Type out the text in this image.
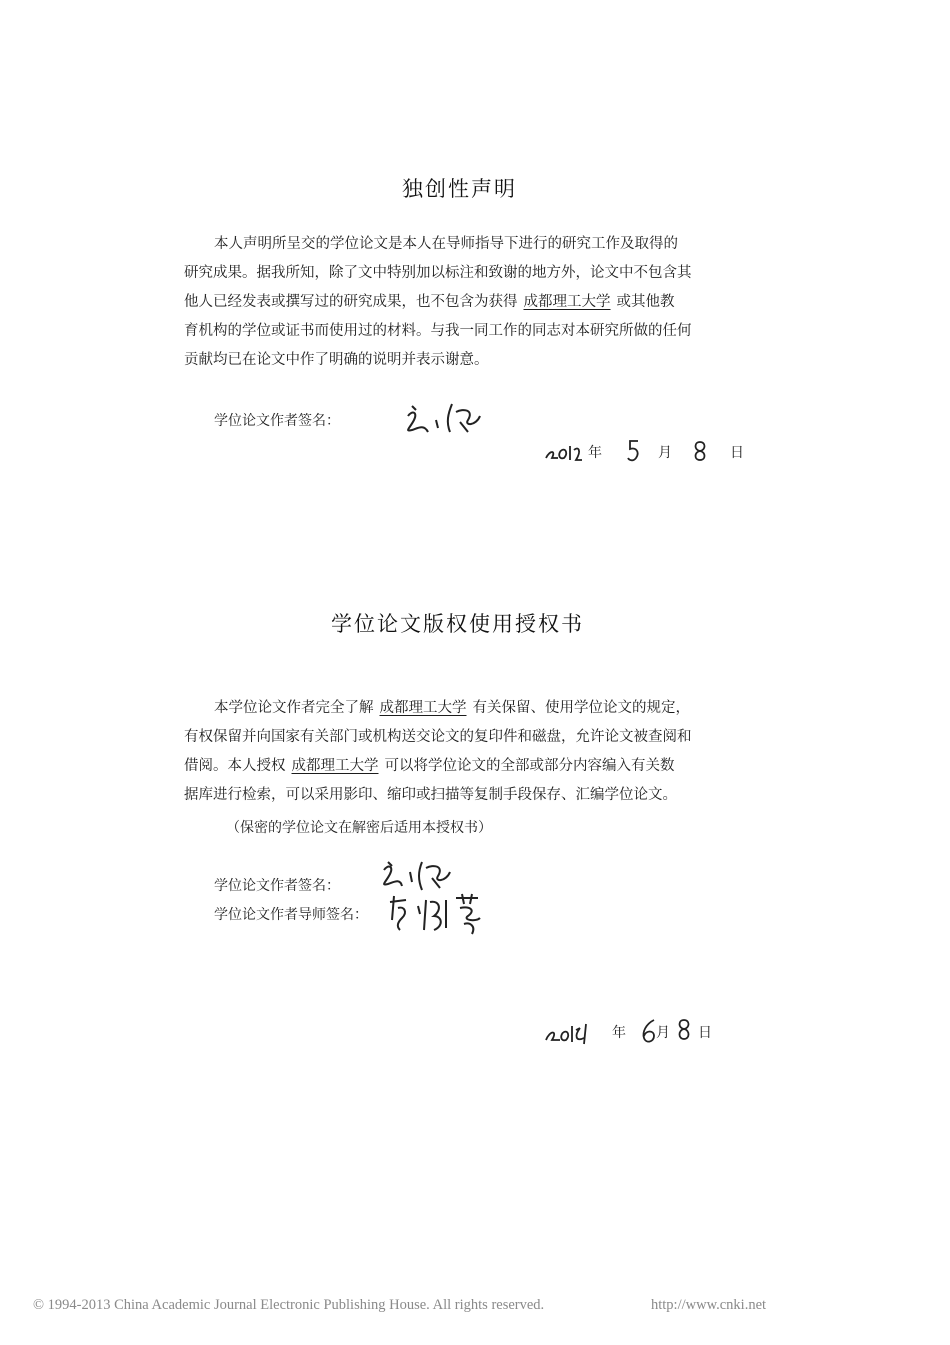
独创性声明
本人声明所呈交的学位论文是本人在导师指导下进行的研究工作及取得的
研究成果。据我所知，除了文中特别加以标注和致谢的地方外，论文中不包含其
他人已经发表或撰写过的研究成果，也不包含为获得 成都理工大学 或其他教
育机构的学位或证书而使用过的材料。与我一同工作的同志对本研究所做的任何
贡献均已在论文中作了明确的说明并表示谢意。
学位论文作者签名：
年	月	日
学位论文版权使用授权书
本学位论文作者完全了解 成都理工大学 有关保留、使用学位论文的规定，
有权保留并向国家有关部门或机构送交论文的复印件和磁盘，允许论文被查阅和
借阅。本人授权 成都理工大学 可以将学位论文的全部或部分内容编入有关数
据库进行检索，可以采用影印、缩印或扫描等复制手段保存、汇编学位论文。
（保密的学位论文在解密后适用本授权书）
学位论文作者签名：
学位论文作者导师签名：
年 月 日
© 1994-2013 China Academic Journal Electronic Publishing House. All rights reserved.	http://www.cnki.net
